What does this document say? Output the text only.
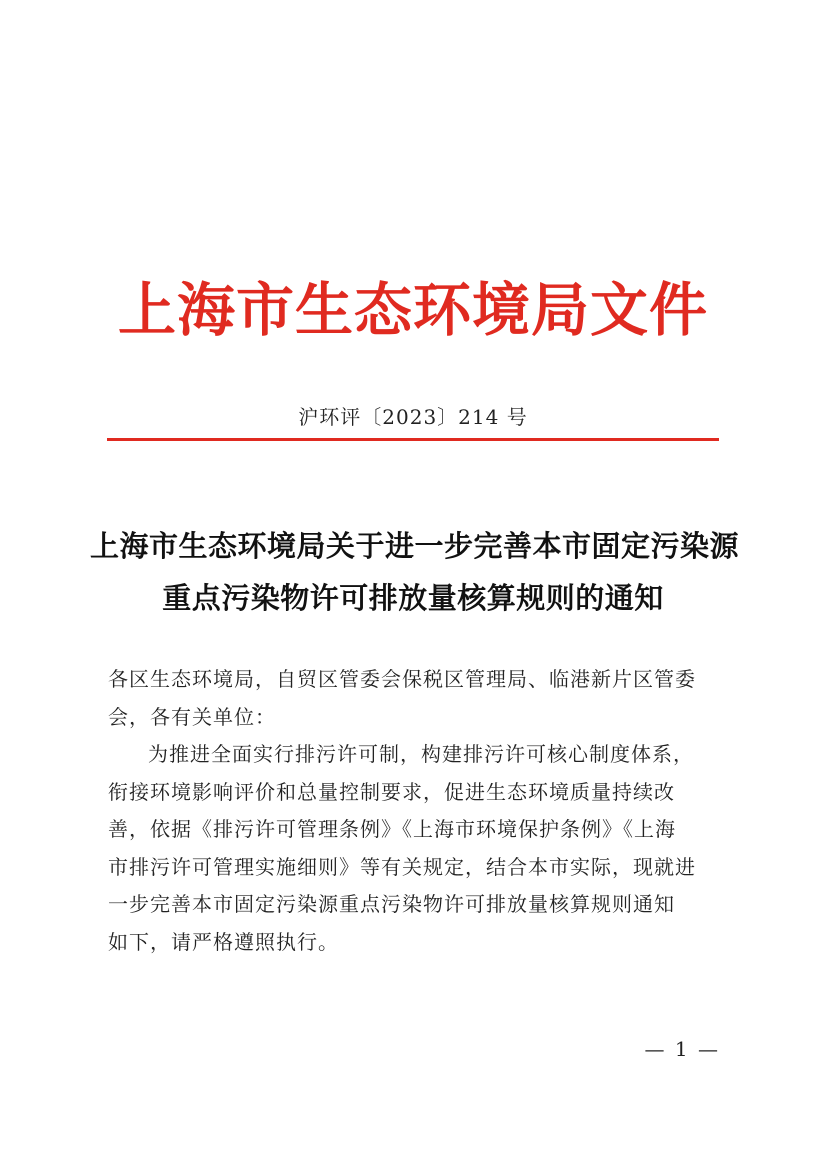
上海市生态环境局文件
沪环评〔2023〕214 号
上海市生态环境局关于进一步完善本市固定污染源
重点污染物许可排放量核算规则的通知
各区生态环境局，自贸区管委会保税区管理局、临港新片区管委
会，各有关单位：
为推进全面实行排污许可制，构建排污许可核心制度体系，
衔接环境影响评价和总量控制要求，促进生态环境质量持续改
善，依据《排污许可管理条例》《上海市环境保护条例》《上海
市排污许可管理实施细则》等有关规定，结合本市实际，现就进
一步完善本市固定污染源重点污染物许可排放量核算规则通知
如下，请严格遵照执行。
— 1 —
